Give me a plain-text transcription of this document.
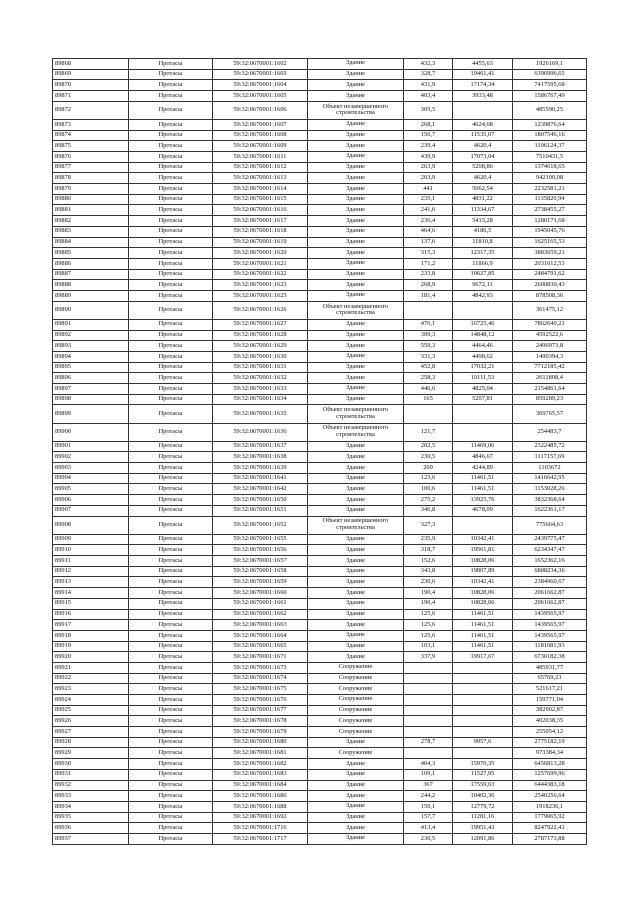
89868	Протасы	59:32:0670001:1602	Здание	432,3	4455,63	1926169,1
89869	Протасы	59:32:0670001:1603	Здание	328,7	19461,41	6396996,65
89870	Протасы	59:32:0670001:1604	Здание	431,9	17174,34	7417595,68
89871	Протасы	59:32:0670001:1605	Здание	403,4	3933,48	1586767,49
89872	Протасы	59:32:0670001:1606	Объект незавершенного строительства	305,5		485590,25
89873	Протасы	59:32:0670001:1607	Здание	268,1	4624,68	1239876,64
89874	Протасы	59:32:0670001:1608	Здание	156,7	11535,07	1807546,16
89875	Протасы	59:32:0670001:1609	Здание	239,4	4620,4	1106124,37
89876	Протасы	59:32:0670001:1611	Здание	439,9	17073,04	7510431,5
89877	Протасы	59:32:0670001:1612	Здание	263,9	5208,86	1374618,65
89878	Протасы	59:32:0670001:1613	Здание	203,9	4620,4	942100,08
89879	Протасы	59:32:0670001:1614	Здание	441	5062,54	2232581,21
89880	Протасы	59:32:0670001:1615	Здание	235,1	4831,22	1135820,94
89881	Протасы	59:32:0670001:1616	Здание	241,6	11334,67	2738455,27
89882	Протасы	59:32:0670001:1617	Здание	236,4	5415,28	1280171,68
89883	Протасы	59:32:0670001:1618	Здание	464,6	4186,5	1945045,76
89884	Протасы	59:32:0670001:1619	Здание	137,6	11810,8	1625165,53
89885	Протасы	59:32:0670001:1620	Здание	315,3	12317,35	3883659,21
89886	Протасы	59:32:0670001:1621	Здание	171,2	11866,9	2031612,53
89887	Протасы	59:32:0670001:1622	Здание	233,8	10627,85	2484791,62
89888	Протасы	59:32:0670001:1623	Здание	268,9	9672,11	2600830,43
89889	Протасы	59:32:0670001:1625	Здание	181,4	4842,93	878508,36
89890	Протасы	59:32:0670001:1626	Объект незавершенного строительства			361475,12
89891	Протасы	59:32:0670001:1627	Здание	470,1	16725,46	7862640,21
89892	Протасы	59:32:0670001:1628	Здание	309,3	14848,12	4592522,6
89893	Протасы	59:32:0670001:1629	Здание	559,3	4464,46	2496973,8
89894	Протасы	59:32:0670001:1630	Здание	331,3	4498,62	1490394,3
89895	Протасы	59:32:0670001:1631	Здание	452,8	17032,21	7712185,42
89896	Протасы	59:32:0670001:1632	Здание	258,3	10111,53	2611808,4
89897	Протасы	59:32:0670001:1633	Здание	446,6	4825,04	2154861,64
89898	Протасы	59:32:0670001:1634	Здание	165	5207,81	859289,23
89899	Протасы	59:32:0670001:1635	Объект незавершенного строительства			369765,57
89900	Протасы	59:32:0670001:1636	Объект незавершенного строительства	121,7		254483,7
89901	Протасы	59:32:0670001:1637	Здание	202,5	11469,06	2322485,72
89902	Протасы	59:32:0670001:1638	Здание	230,5	4846,67	1117157,69
89903	Протасы	59:32:0670001:1639	Здание	260	4244,89	1103672
89904	Протасы	59:32:0670001:1641	Здание	123,6	11461,51	1416642,95
89905	Протасы	59:32:0670001:1642	Здание	100,6	11461,51	1153028,26
89906	Протасы	59:32:0670001:1650	Здание	275,2	13925,76	3832368,64
89907	Протасы	59:32:0670001:1651	Здание	346,8	4678,09	1622361,17
89908	Протасы	59:32:0670001:1652	Объект незавершенного строительства	327,3		775664,63
89909	Протасы	59:32:0670001:1655	Здание	235,9	10342,41	2439775,47
89910	Протасы	59:32:0670001:1656	Здание	318,7	19561,81	6234347,47
89911	Протасы	59:32:0670001:1657	Здание	152,6	10828,06	1652362,16
89912	Протасы	59:32:0670001:1658	Здание	343,8	19807,89	6808234,36
89913	Протасы	59:32:0670001:1659	Здание	230,6	10342,41	2384960,67
89914	Протасы	59:32:0670001:1660	Здание	190,4	10828,06	2061662,87
89915	Протасы	59:32:0670001:1661	Здание	190,4	10828,06	2061662,87
89916	Протасы	59:32:0670001:1662	Здание	125,6	11461,51	1439565,97
89917	Протасы	59:32:0670001:1663	Здание	125,6	11461,51	1439565,97
89918	Протасы	59:32:0670001:1664	Здание	125,6	11461,51	1439565,97
89919	Протасы	59:32:0670001:1665	Здание	103,1	11461,51	1181681,93
89920	Протасы	59:32:0670001:1671	Здание	337,9	19917,67	6730182,38
89921	Протасы	59:32:0670001:1673	Сооружение			485931,77
89922	Протасы	59:32:0670001:1674	Сооружение			65769,23
89923	Протасы	59:32:0670001:1675	Сооружение			521617,21
89924	Протасы	59:32:0670001:1676	Сооружение			159771,04
89925	Протасы	59:32:0670001:1677	Сооружение			382902,87
89926	Протасы	59:32:0670001:1678	Сооружение			402038,35
89927	Протасы	59:32:0670001:1679	Сооружение			255054,12
89928	Протасы	59:32:0670001:1680	Здание	278,7	9957,6	2775182,19
89929	Протасы	59:32:0670001:1681	Сооружение			973384,34
89930	Протасы	59:32:0670001:1682	Здание	404,3	15970,35	6456813,28
89931	Протасы	59:32:0670001:1683	Здание	109,1	11527,95	1257699,96
89932	Протасы	59:32:0670001:1684	Здание	367	17559,63	6444383,18
89933	Протасы	59:32:0670001:1686	Здание	244,2	10402,36	2540256,64
89934	Протасы	59:32:0670001:1688	Здание	150,1	12779,72	1918236,1
89935	Протасы	59:32:0670001:1692	Здание	157,7	11281,16	1779065,92
89936	Протасы	59:32:0670001:1716	Здание	413,4	19951,43	8247922,41
89937	Протасы	59:32:0670001:1717	Здание	230,5	12091,86	2787173,88
